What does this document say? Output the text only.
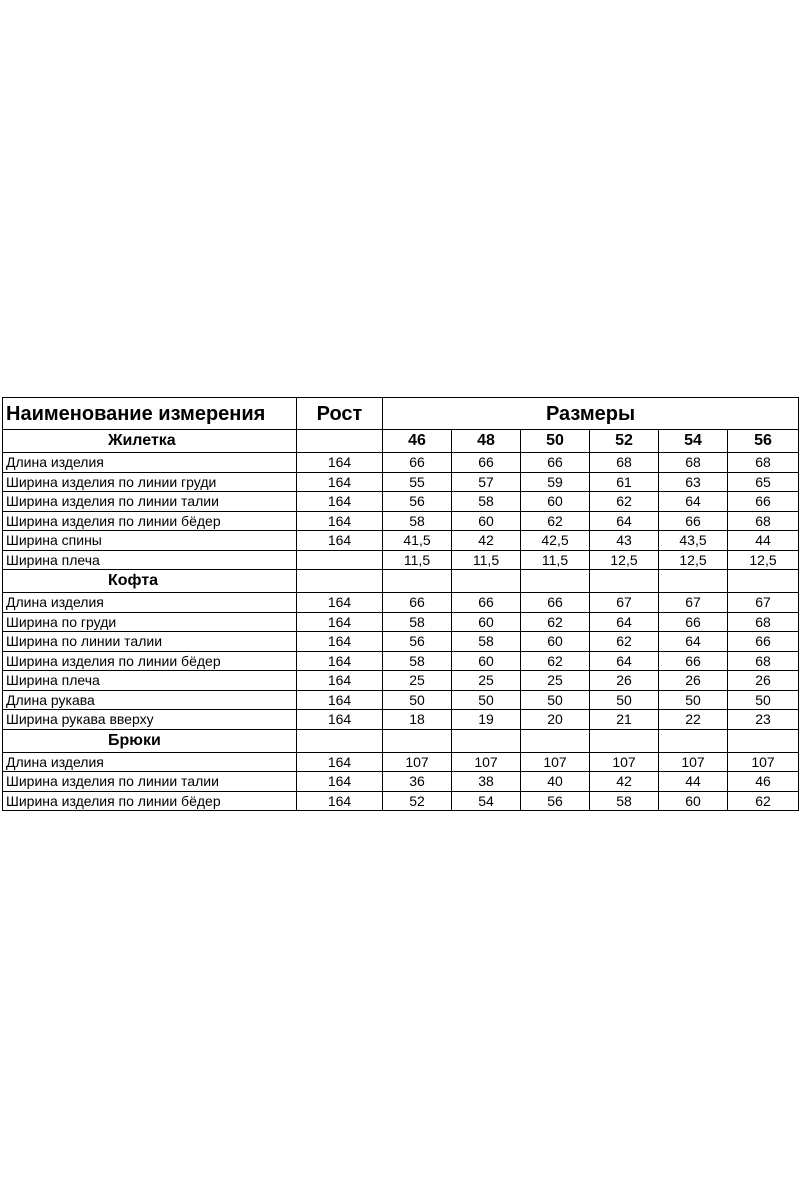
Наименование измерения	Рост	Размеры					
Жилетка		46	48	50	52	54	56
Длина изделия	164	66	66	66	68	68	68
Ширина изделия по линии груди	164	55	57	59	61	63	65
Ширина изделия по линии талии	164	56	58	60	62	64	66
Ширина изделия по линии бёдер	164	58	60	62	64	66	68
Ширина спины	164	41,5	42	42,5	43	43,5	44
Ширина плеча		11,5	11,5	11,5	12,5	12,5	12,5
Кофта							
Длина изделия	164	66	66	66	67	67	67
Ширина по груди	164	58	60	62	64	66	68
Ширина по линии талии	164	56	58	60	62	64	66
Ширина изделия по линии бёдер	164	58	60	62	64	66	68
Ширина плеча	164	25	25	25	26	26	26
Длина рукава	164	50	50	50	50	50	50
Ширина рукава вверху	164	18	19	20	21	22	23
Брюки							
Длина изделия	164	107	107	107	107	107	107
Ширина изделия по линии талии	164	36	38	40	42	44	46
Ширина изделия по линии бёдер	164	52	54	56	58	60	62
